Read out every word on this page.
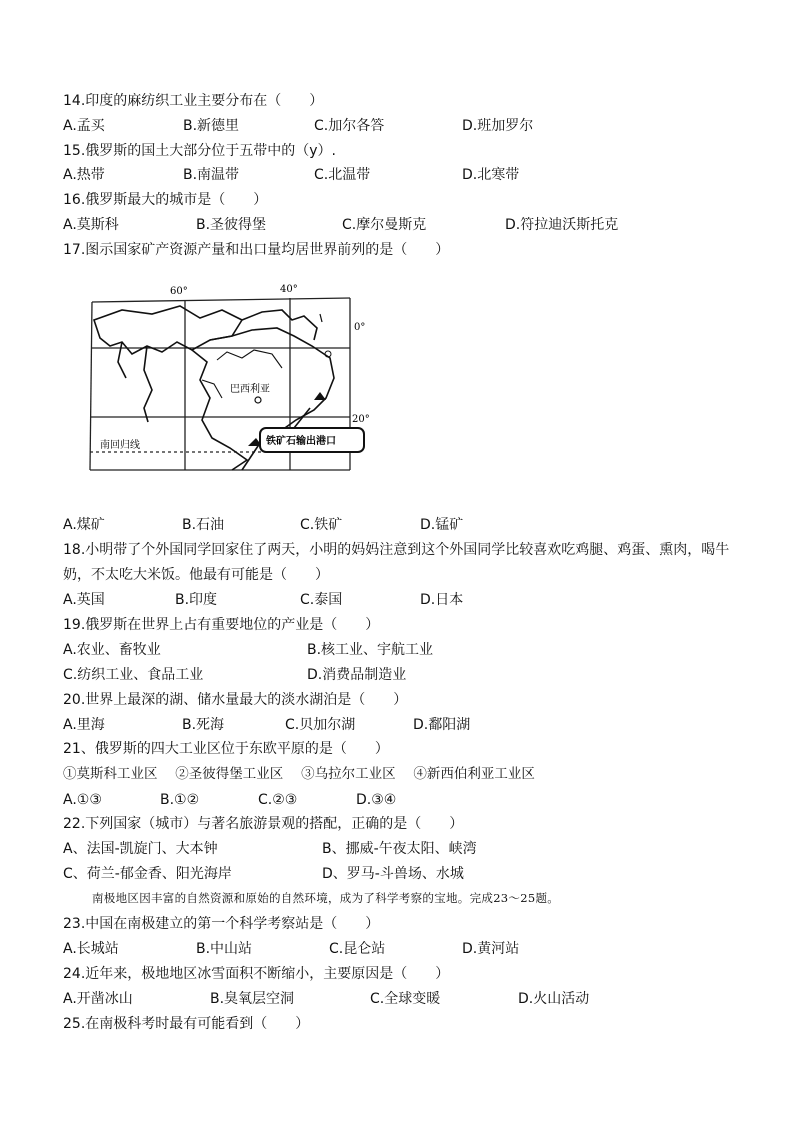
14.印度的麻纺织工业主要分布在（　　）
A.孟买	B.新德里	C.加尔各答	D.班加罗尔
15.俄罗斯的国土大部分位于五带中的（y）.
A.热带	B.南温带	C.北温带	D.北寒带
16.俄罗斯最大的城市是（　　）
A.莫斯科	B.圣彼得堡	C.摩尔曼斯克	D.符拉迪沃斯托克
17.图示国家矿产资源产量和出口量均居世界前列的是（　　）
60°	40°
0°
20°
巴西利亚
南回归线	铁矿石输出港口
A.煤矿	B.石油	C.铁矿	D.锰矿
18.小明带了个外国同学回家住了两天，小明的妈妈注意到这个外国同学比较喜欢吃鸡腿、鸡蛋、熏肉，喝牛奶，不太吃大米饭。他最有可能是（　　）
A.英国	B.印度	C.泰国	D.日本
19.俄罗斯在世界上占有重要地位的产业是（　　）
A.农业、畜牧业	B.核工业、宇航工业
C.纺织工业、食品工业	D.消费品制造业
20.世界上最深的湖、储水量最大的淡水湖泊是（　　）
A.里海	B.死海	C.贝加尔湖	D.鄱阳湖
21、俄罗斯的四大工业区位于东欧平原的是（　　）
①莫斯科工业区　 ②圣彼得堡工业区　 ③乌拉尔工业区　 ④新西伯利亚工业区
A.①③	B.①②	C.②③	D.③④
22.下列国家（城市）与著名旅游景观的搭配，正确的是（　　）
A、法国-凯旋门、大本钟	B、挪威-午夜太阳、峡湾
C、荷兰-郁金香、阳光海岸	D、罗马-斗兽场、水城
南极地区因丰富的自然资源和原始的自然环境，成为了科学考察的宝地。完成23～25题。
23.中国在南极建立的第一个科学考察站是（　　）
A.长城站	B.中山站	C.昆仑站	D.黄河站
24.近年来，极地地区冰雪面积不断缩小，主要原因是（　　）
A.开凿冰山	B.臭氧层空洞	C.全球变暖	D.火山活动
25.在南极科考时最有可能看到（　　）
